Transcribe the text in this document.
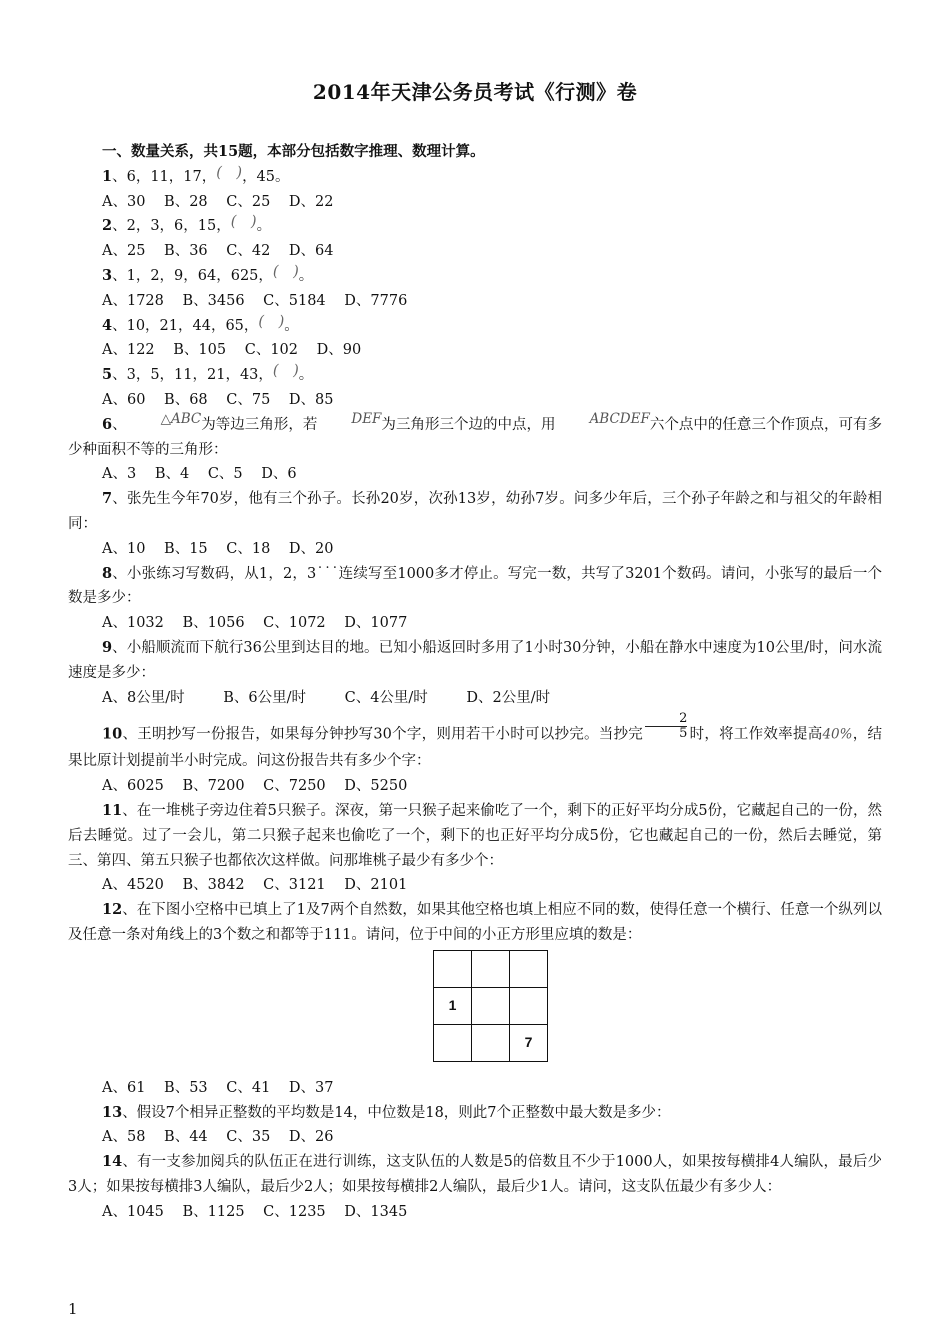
2014年天津公务员考试《行测》卷
一、数量关系，共15题，本部分包括数字推理、数理计算。
1、6，11，17，(　)，45。
A、30 B、28 C、25 D、22
2、2，3，6，15，(　)。
A、25 B、36 C、42 D、64
3、1，2，9，64，625，(　)。
A、1728 B、3456 C、5184 D、7776
4、10，21，44，65，(　)。
A、122 B、105 C、102 D、90
5、3，5，11，21，43，(　)。
A、60 B、68 C、75 D、85
6、	△ABC为等边三角形，若	DEF为三角形三个边的中点，用	ABCDEF六个点中的任意三个作顶点，可有多少种面积不等的三角形：
A、3 B、4 C、5 D、6
7、张先生今年70岁，他有三个孙子。长孙20岁，次孙13岁，幼孙7岁。问多少年后，三个孙子年龄之和与祖父的年龄相同：
A、10 B、15 C、18 D、20
8、小张练习写数码，从1，2，3˙˙˙连续写至1000多才停止。写完一数，共写了3201个数码。请问，小张写的最后一个数是多少：
A、1032 B、1056 C、1072 D、1077
9、小船顺流而下航行36公里到达目的地。已知小船返回时多用了1小时30分钟，小船在静水中速度为10公里/时，问水流速度是多少：
A、8公里/时	B、6公里/时	C、4公里/时	D、2公里/时
10、王明抄写一份报告，如果每分钟抄写30个字，则用若干小时可以抄完。当抄完 $\frac{2}{5}$ 时，将工作效率提高40%，结果比原计划提前半小时完成。问这份报告共有多少个字：
A、6025 B、7200 C、7250 D、5250
11、在一堆桃子旁边住着5只猴子。深夜，第一只猴子起来偷吃了一个，剩下的正好平均分成5份，它藏起自己的一份，然后去睡觉。过了一会儿，第二只猴子起来也偷吃了一个，剩下的也正好平均分成5份，它也藏起自己的一份，然后去睡觉，第三、第四、第五只猴子也都依次这样做。问那堆桃子最少有多少个：
A、4520 B、3842 C、3121 D、2101
12、在下图小空格中已填上了1及7两个自然数，如果其他空格也填上相应不同的数，使得任意一个横行、任意一个纵列以及任意一条对角线上的3个数之和都等于111。请问，位于中间的小正方形里应填的数是：

1		
		7
A、61 B、53 C、41 D、37
13、假设7个相异正整数的平均数是14，中位数是18，则此7个正整数中最大数是多少：
A、58 B、44 C、35 D、26
14、有一支参加阅兵的队伍正在进行训练，这支队伍的人数是5的倍数且不少于1000人，如果按每横排4人编队，最后少3人；如果按每横排3人编队，最后少2人；如果按每横排2人编队，最后少1人。请问，这支队伍最少有多少人：
A、1045 B、1125 C、1235 D、1345
1
